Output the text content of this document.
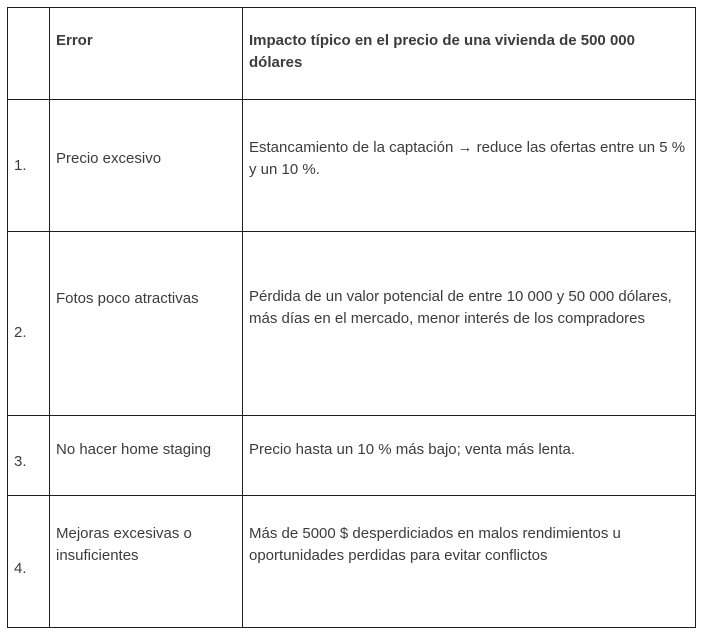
	Error	Impacto típico en el precio de una vivienda de 500 000 dólares
1.	Precio excesivo	Estancamiento de la captación → reduce las ofertas entre un 5 % y un 10 %.
2.	Fotos poco atractivas	Pérdida de un valor potencial de entre 10 000 y 50 000 dólares, más días en el mercado, menor interés de los compradores
3.	No hacer home staging	Precio hasta un 10 % más bajo; venta más lenta.
4.	Mejoras excesivas o insuficientes	Más de 5000 $ desperdiciados en malos rendimientos u oportunidades perdidas para evitar conflictos
